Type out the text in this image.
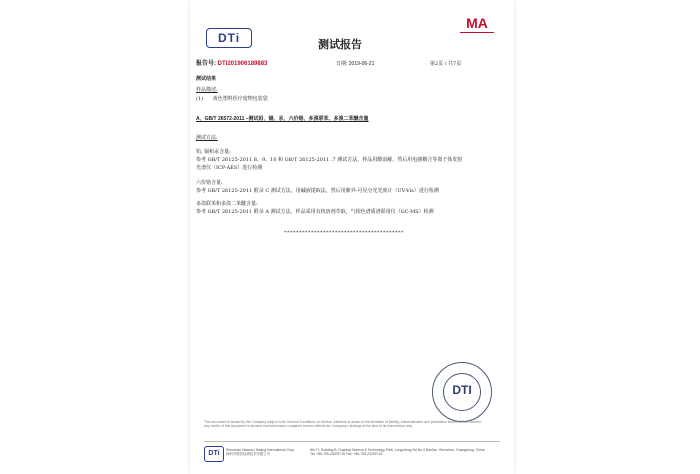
DTi
MA
测试报告
报告号: DTI201906189883	日期: 2019-06-21	第2页 / 共7页
测试结果
样品描述:
(1) 黄色塑料医疗废物包装袋
A、GB/T 26572-2011 –测试铅、镉、汞、六价铬、多溴联苯、多溴二苯醚含量
测试方法:
铅, 镉和汞含量:
参考 GB/T 26125-2011 8、9、10 和 GB/T 26125-2011 .7 测试方法，样品用酸消解，然后用电感耦合等离子体发射
光谱仪（ICP-AES）进行检测
六价铬含量:
参考 GB/T 26125-2011 附录 C 测试方法，用碱液提取法，然后用紫外-可见分光光度计（UV-Vis）进行检测
多溴联苯和多溴二苯醚含量:
参考 GB/T 26125-2011 附录 A 测试方法，样品采用有机溶剂萃取，气相色谱质谱联用仪（GC-MS）检测
****************************************
DTI
This document is issued by the Company subject to its General Conditions of Service. Attention is drawn to the limitation of liability, indemnification and jurisdiction issues defined therein.
Any holder of this document is advised that information contained hereon reflects the Company's findings at the time of its intervention only.
DTi	Shenzhen Dawson Testing International Corp.
深圳市德信检测技术有限公司
8th Fl., Building B, Fuqiang Science & Technology Park, Longcheng Rd No.4 Baol'an, Shenzhen, Guangdong, China
Tel: +86-755-23209716 Fax: +86-755-23209716
